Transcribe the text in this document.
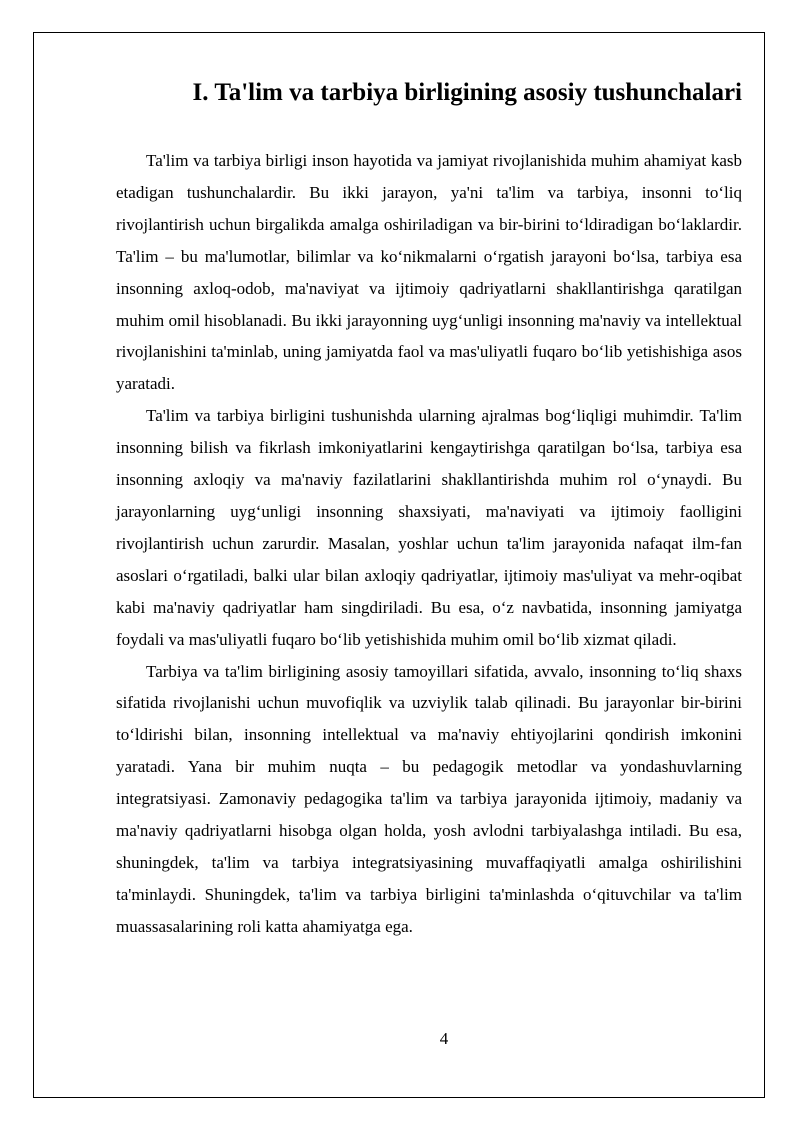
I. Ta'lim va tarbiya birligining asosiy tushunchalari

Ta'lim va tarbiya birligi inson hayotida va jamiyat rivojlanishida muhim ahamiyat kasb etadigan tushunchalardir. Bu ikki jarayon, ya'ni ta'lim va tarbiya, insonni to‘liq rivojlantirish uchun birgalikda amalga oshiriladigan va bir-birini to‘ldiradigan bo‘laklardir. Ta'lim – bu ma'lumotlar, bilimlar va ko‘nikmalarni o‘rgatish jarayoni bo‘lsa, tarbiya esa insonning axloq-odob, ma'naviyat va ijtimoiy qadriyatlarni shakllantirishga qaratilgan muhim omil hisoblanadi. Bu ikki jarayonning uyg‘unligi insonning ma'naviy va intellektual rivojlanishini ta'minlab, uning jamiyatda faol va mas'uliyatli fuqaro bo‘lib yetishishiga asos yaratadi.

Ta'lim va tarbiya birligini tushunishda ularning ajralmas bog‘liqligi muhimdir. Ta'lim insonning bilish va fikrlash imkoniyatlarini kengaytirishga qaratilgan bo‘lsa, tarbiya esa insonning axloqiy va ma'naviy fazilatlarini shakllantirishda muhim rol o‘ynaydi. Bu jarayonlarning uyg‘unligi insonning shaxsiyati, ma'naviyati va ijtimoiy faolligini rivojlantirish uchun zarurdir. Masalan, yoshlar uchun ta'lim jarayonida nafaqat ilm-fan asoslari o‘rgatiladi, balki ular bilan axloqiy qadriyatlar, ijtimoiy mas'uliyat va mehr-oqibat kabi ma'naviy qadriyatlar ham singdiriladi. Bu esa, o‘z navbatida, insonning jamiyatga foydali va mas'uliyatli fuqaro bo‘lib yetishishida muhim omil bo‘lib xizmat qiladi.

Tarbiya va ta'lim birligining asosiy tamoyillari sifatida, avvalo, insonning to‘liq shaxs sifatida rivojlanishi uchun muvofiqlik va uzviylik talab qilinadi. Bu jarayonlar bir-birini to‘ldirishi bilan, insonning intellektual va ma'naviy ehtiyojlarini qondirish imkonini yaratadi. Yana bir muhim nuqta – bu pedagogik metodlar va yondashuvlarning integratsiyasi. Zamonaviy pedagogika ta'lim va tarbiya jarayonida ijtimoiy, madaniy va ma'naviy qadriyatlarni hisobga olgan holda, yosh avlodni tarbiyalashga intiladi. Bu esa, shuningdek, ta'lim va tarbiya integratsiyasining muvaffaqiyatli amalga oshirilishini ta'minlaydi. Shuningdek, ta'lim va tarbiya birligini ta'minlashda o‘qituvchilar va ta'lim muassasalarining roli katta ahamiyatga ega.

4
